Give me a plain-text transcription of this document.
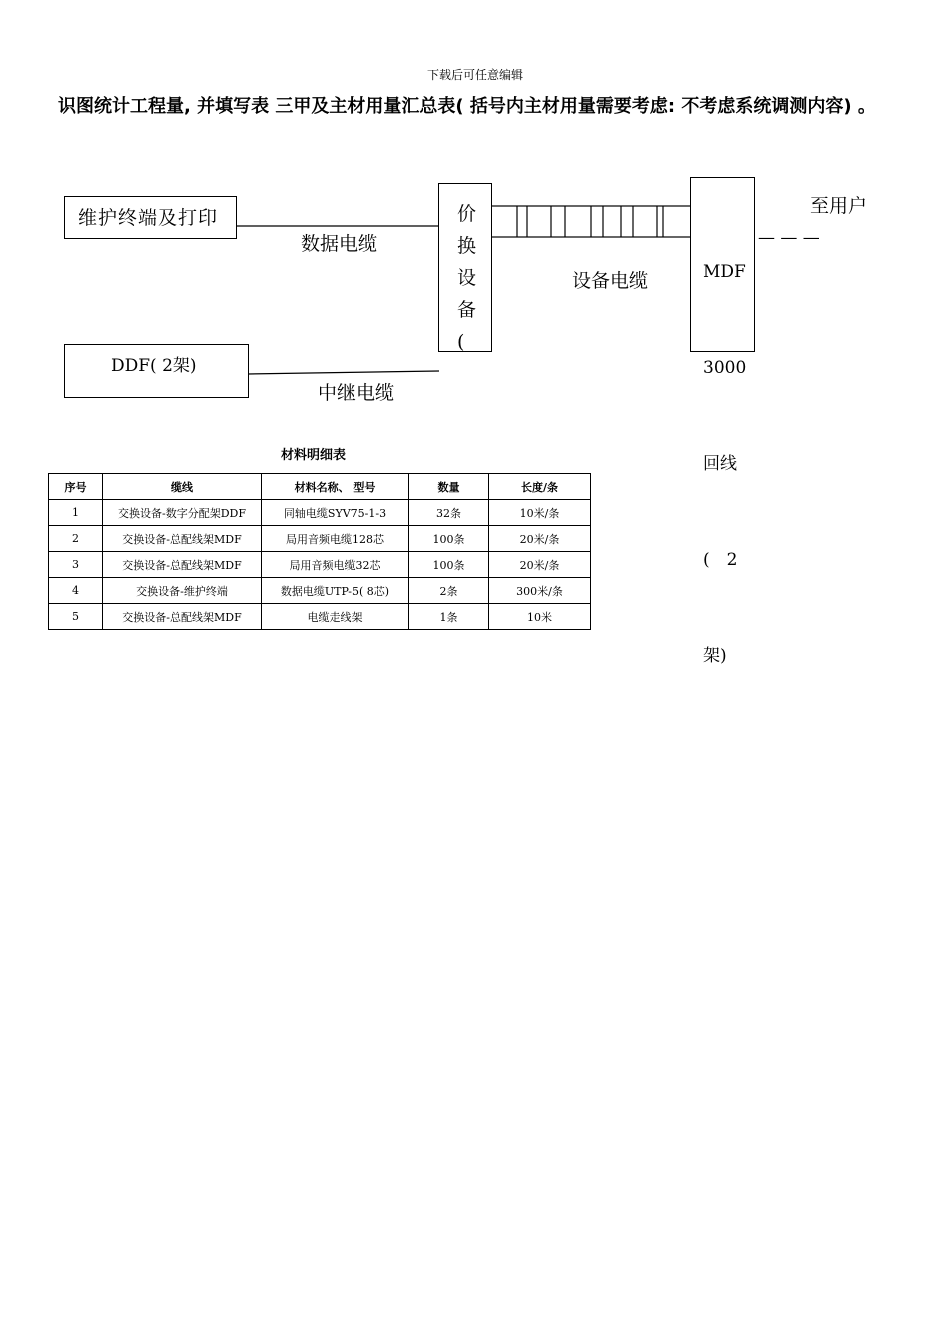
下载后可任意编辑
识图统计工程量, 并填写表 三甲及主材用量汇总表( 括号内主材用量需要考虑: 不考虑系统调测内容) 。
维护终端及打印
数据电缆
价
换
设
备
(
设备电缆

	MDF

3000

回线

(　2

架)

至用户
— — —
DDF( 2架)
中继电缆
材料明细表
序号	缆线	材料名称、 型号	数量	长度/条
1	交换设备-数字分配架DDF	同轴电缆SYV75-1-3	32条	10米/条
2	交换设备-总配线架MDF	局用音频电缆128芯	100条	20米/条
3	交换设备-总配线架MDF	局用音频电缆32芯	100条	20米/条
4	交换设备-维护终端	数据电缆UTP-5( 8芯)	2条	300米/条
5	交换设备-总配线架MDF	电缆走线架	1条	10米
